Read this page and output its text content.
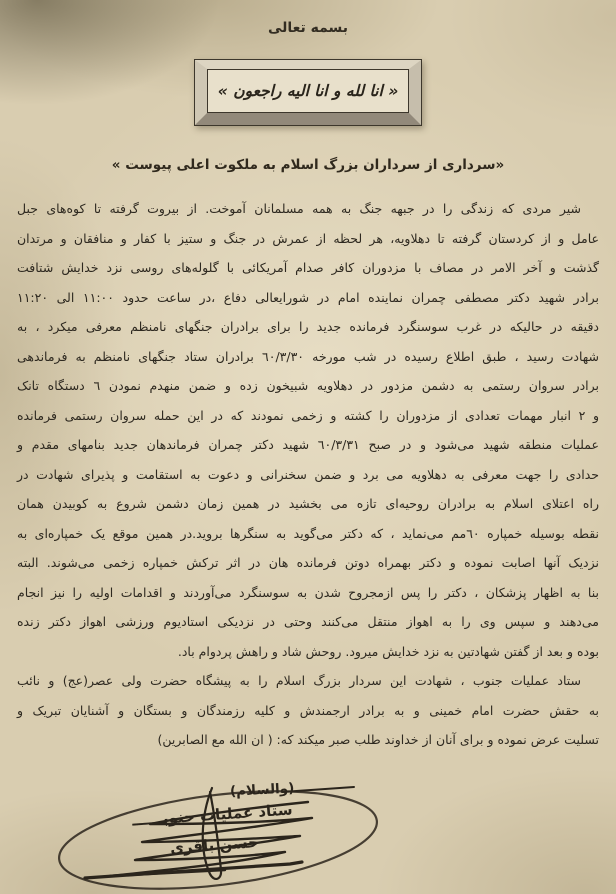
بسمه تعالی
« انا لله و انا الیه راجعون »
«سرداری از سرداران بزرگ اسلام به ملکوت اعلی پیوست »
شیر مردی که زندگی را در جبهه جنگ به همه مسلمانان آموخت. از بیروت گرفته تا کوه‌های جبل
عامل و از کردستان گرفته تا دهلاویه، هر لحظه از عمرش در جنگ و ستیز با کفار و منافقان و مرتدان
گذشت و آخر الامر در مصاف با مزدوران کافر صدام آمریکائی با گلوله‌های روسی نزد خدایش شتافت
برادر شهید دکتر مصطفی چمران نماینده امام در شورایعالی دفاع ،در ساعت حدود ١١:٠٠ الی ١١:٢٠
دقیقه در حالیکه در غرب سوسنگرد فرمانده جدید را برای برادران جنگهای نامنظم معرفی میکرد ، به
شهادت رسید ، طبق اطلاع رسیده در شب مورخه ٦٠/٣/٣٠ برادران ستاد جنگهای نامنظم به فرماندهی
برادر سروان رستمی به دشمن مزدور در دهلاویه شبیخون زده و ضمن منهدم نمودن ٦ دستگاه تانک
و ٢ انبار مهمات تعدادی از مزدوران را کشته و زخمی نمودند که در این حمله سروان رستمی فرمانده
عملیات منطقه شهید می‌شود و در صبح ٦٠/٣/٣١ شهید دکتر چمران فرماندهان جدید بنامهای مقدم و
حدادی را جهت معرفی به دهلاویه می برد و ضمن سخنرانی و دعوت به استقامت و پذیرای شهادت در
راه اعتلای اسلام به برادران روحیه‌ای تازه می بخشید در همین زمان دشمن شروع به کوبیدن همان
نقطه بوسیله خمپاره ٦٠مم می‌نماید ، که دکتر می‌گوید به سنگرها بروید.در همین موقع یک خمپاره‌ای به
نزدیک آنها اصابت نموده و دکتر بهمراه دوتن فرمانده هان در اثر ترکش خمپاره زخمی می‌شوند. البته
بنا به اظهار پزشکان ، دکتر را پس ازمجروح شدن به سوسنگرد می‌آوردند و اقدامات اولیه را نیز انجام
می‌دهند و سپس وی را به اهواز منتقل می‌کنند وحتی در نزدیکی استادیوم ورزشی اهواز دکتر زنده
بوده و بعد از گفتن شهادتین به نزد خدایش میرود. روحش شاد و راهش پردوام باد.
ستاد عملیات جنوب ، شهادت این سردار بزرگ اسلام را به پیشگاه حضرت ولی عصر(عج) و نائب
به حقش حضرت امام خمینی و به برادر ارجمندش و کلیه رزمندگان و بستگان و آشنایان تبریک و
تسلیت عرض نموده و برای آنان از خداوند طلب صبر میکند که: ( ان الله مع الصابرین)
(والسلام)
ستاد عملیات جنوبــــــ
حسن باقری
